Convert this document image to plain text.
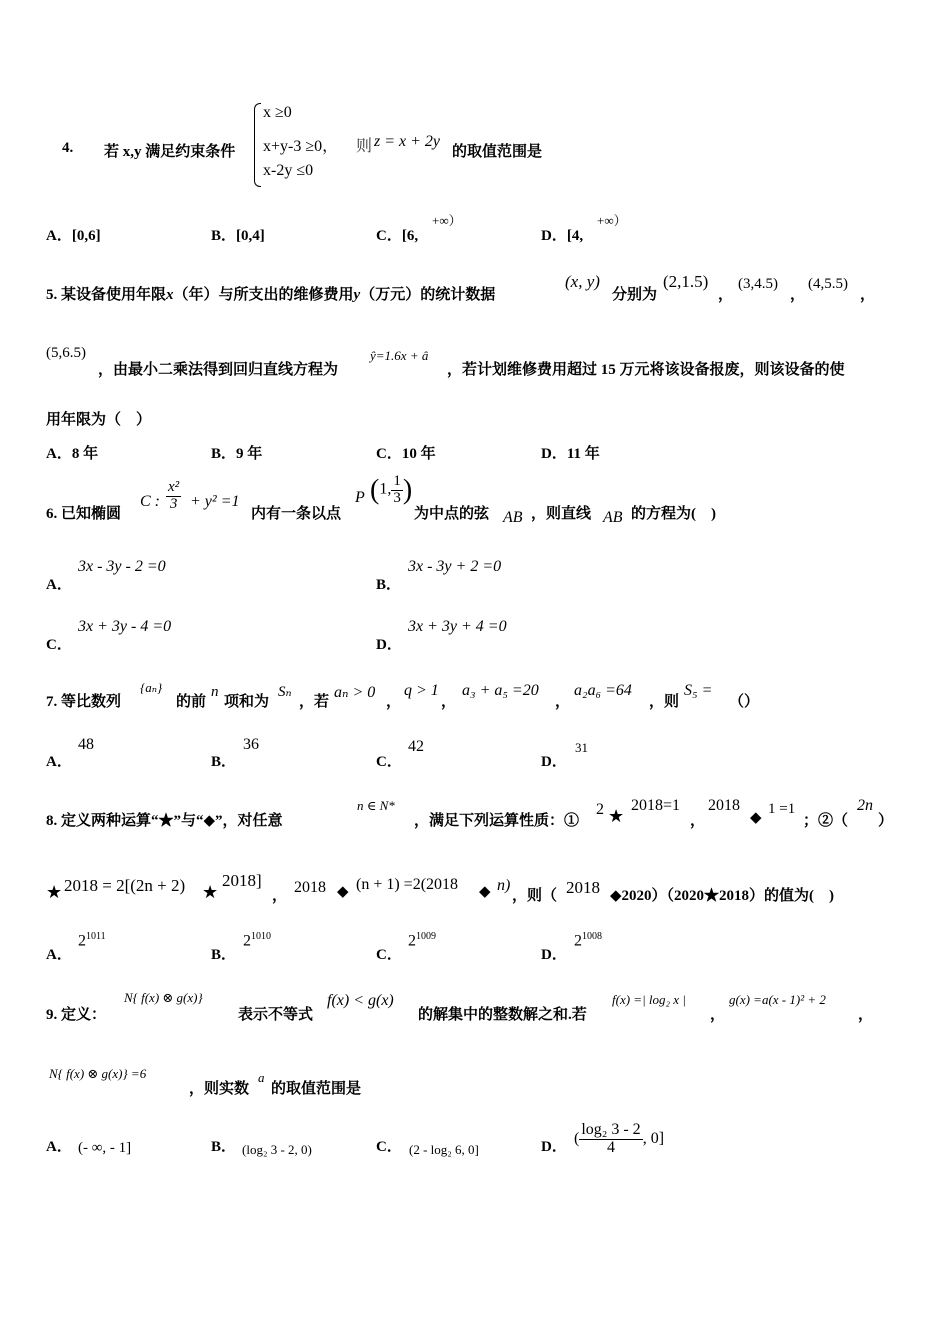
4. 若 x,y 满足约束条件
x ≥0
x+y-3 ≥0， 则 z = x + 2y
的取值范围是
x-2y ≤0
A．[0,6]	B．[0,4]	C．[6,
+∞）
D．[4,
+∞）
5. 某设备使用年限x（年）与所支出的维修费用y（万元）的统计数据
(x, y)
分别为
(2,1.5)
，
(3,4.5)
，
(4,5.5)
，
(5,6.5)
，由最小二乘法得到回归直线方程为
ŷ=1.6x + â
，若计划维修费用超过 15 万元将该设备报废，则该设备的使
用年限为（　）
A．8 年	B．9 年	C．10 年	D．11 年
6. 已知椭圆
C : $\frac{\text{x²}}{3} + y^2 =1$
内有一条以点
P (1, $\frac{1}{3}$ )
为中点的弦 AB ，则直线 AB 的方程为(　)
A．
3x - 3y - 2 =0
B．
3x - 3y + 2 =0
C．
3x + 3y - 4 =0
D．
3x + 3y + 4 =0
7. 等比数列
{aₙ}
的前
n
项和为
Sₙ
，若
aₙ > 0
，
q > 1
，
a₃ + a₅ =20
，
a₂a₆ =64
，则
S₅ =
（）
A．
48
B．
36
C．
42
D．
31
8. 定义两种运算“★”与“◆”，对任意
n ∈ N*
，满足下列运算性质：①
2 ★
2018=1
，
2018
◆
1 =1
；②（
2n
）
★ 2018 = 2[(2n + 2) ★
2018]
， 2018 ◆ (n + 1) =2(2018 ◆ n)
，则（ 2018 ◆2020）（2020★2018）的值为(　)
A．
$2^{1011}$
B．
$2^{1010}$
C．
$2^{1009}$
D．
$2^{1008}$
9. 定义：
N{ f(x) ⊗ g(x)}
表示不等式
f(x) < g(x)
的解集中的整数解之和.若
f(x) =| log₂ x |
，
g(x) =a(x - 1)² + 2
，
N{ f(x) ⊗ g(x)} =6
，则实数
a
的取值范围是
A． (- ∞, - 1]	B． (log₂ 3 - 2, 0)	C． (2 - log₂ 6, 0]	D．
( $\frac{\text{log₂ 3 - 2}}{4}$ , 0]
